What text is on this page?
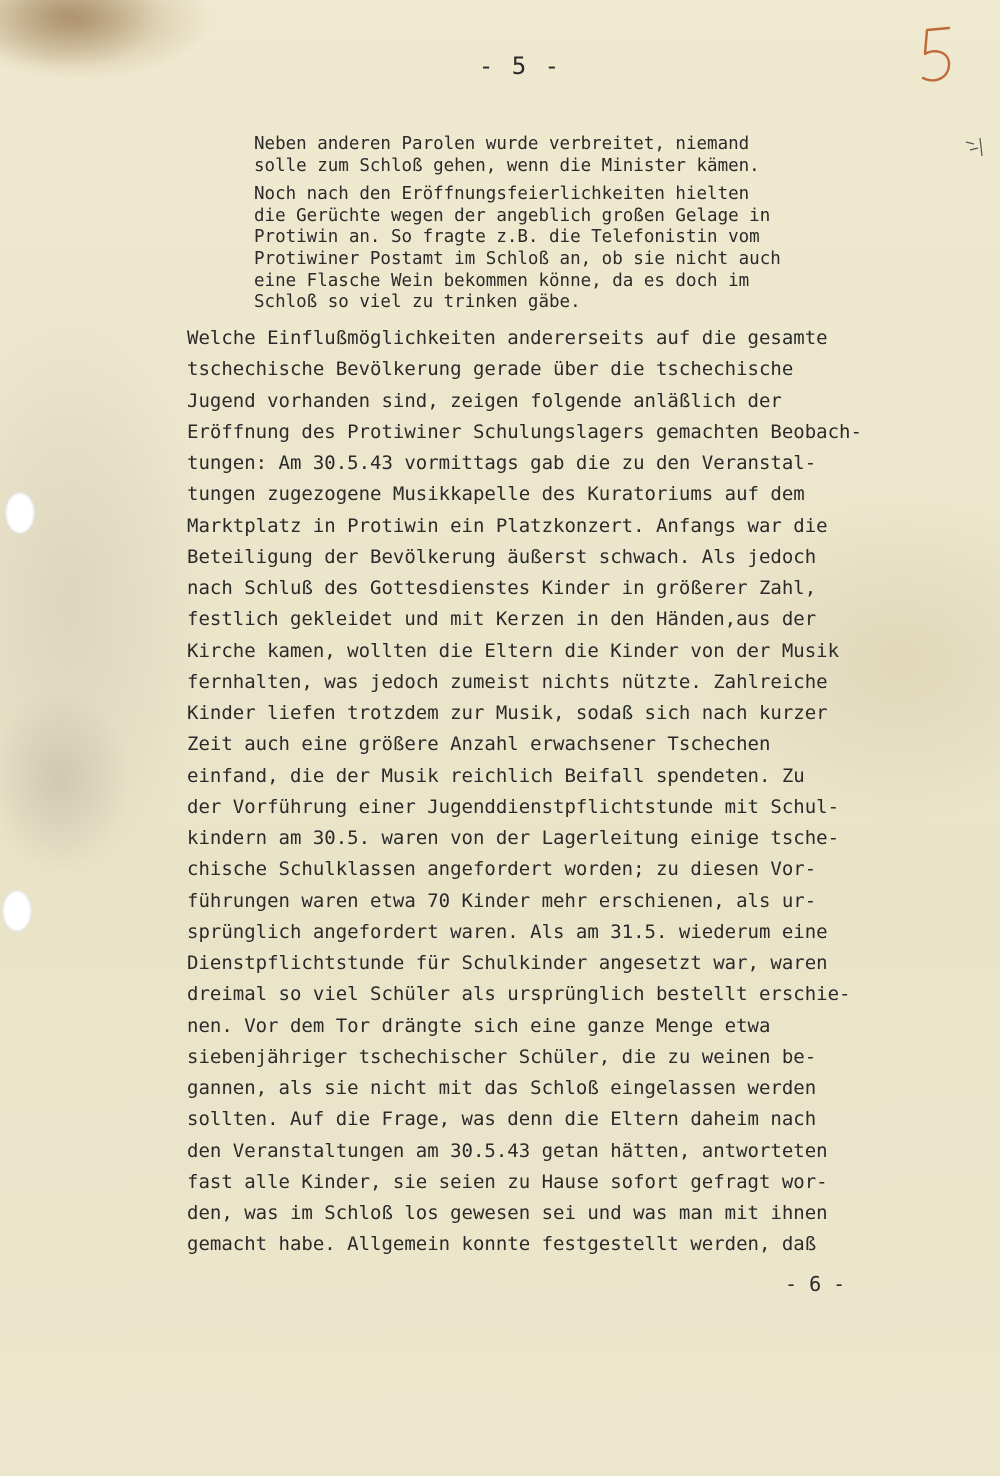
- 5 -

Neben anderen Parolen wurde verbreitet, niemand
solle zum Schloß gehen, wenn die Minister kämen.

Noch nach den Eröffnungsfeierlichkeiten hielten
die Gerüchte wegen der angeblich großen Gelage in
Protiwin an. So fragte z.B. die Telefonistin vom
Protiwiner Postamt im Schloß an, ob sie nicht auch
eine Flasche Wein bekommen könne, da es doch im
Schloß so viel zu trinken gäbe.

Welche Einflußmöglichkeiten andererseits auf die gesamte
tschechische Bevölkerung gerade über die tschechische
Jugend vorhanden sind, zeigen folgende anläßlich der
Eröffnung des Protiwiner Schulungslagers gemachten Beobach-
tungen: Am 30.5.43 vormittags gab die zu den Veranstal-
tungen zugezogene Musikkapelle des Kuratoriums auf dem
Marktplatz in Protiwin ein Platzkonzert. Anfangs war die
Beteiligung der Bevölkerung äußerst schwach. Als jedoch
nach Schluß des Gottesdienstes Kinder in größerer Zahl,
festlich gekleidet und mit Kerzen in den Händen,aus der
Kirche kamen, wollten die Eltern die Kinder von der Musik
fernhalten, was jedoch zumeist nichts nützte. Zahlreiche
Kinder liefen trotzdem zur Musik, sodaß sich nach kurzer
Zeit auch eine größere Anzahl erwachsener Tschechen
einfand, die der Musik reichlich Beifall spendeten. Zu
der Vorführung einer Jugenddienstpflichtstunde mit Schul-
kindern am 30.5. waren von der Lagerleitung einige tsche-
chische Schulklassen angefordert worden; zu diesen Vor-
führungen waren etwa 70 Kinder mehr erschienen, als ur-
sprünglich angefordert waren. Als am 31.5. wiederum eine
Dienstpflichtstunde für Schulkinder angesetzt war, waren
dreimal so viel Schüler als ursprünglich bestellt erschie-
nen. Vor dem Tor drängte sich eine ganze Menge etwa
siebenjähriger tschechischer Schüler, die zu weinen be-
gannen, als sie nicht mit das Schloß eingelassen werden
sollten. Auf die Frage, was denn die Eltern daheim nach
den Veranstaltungen am 30.5.43 getan hätten, antworteten
fast alle Kinder, sie seien zu Hause sofort gefragt wor-
den, was im Schloß los gewesen sei und was man mit ihnen
gemacht habe. Allgemein konnte festgestellt werden, daß
- 6 -
